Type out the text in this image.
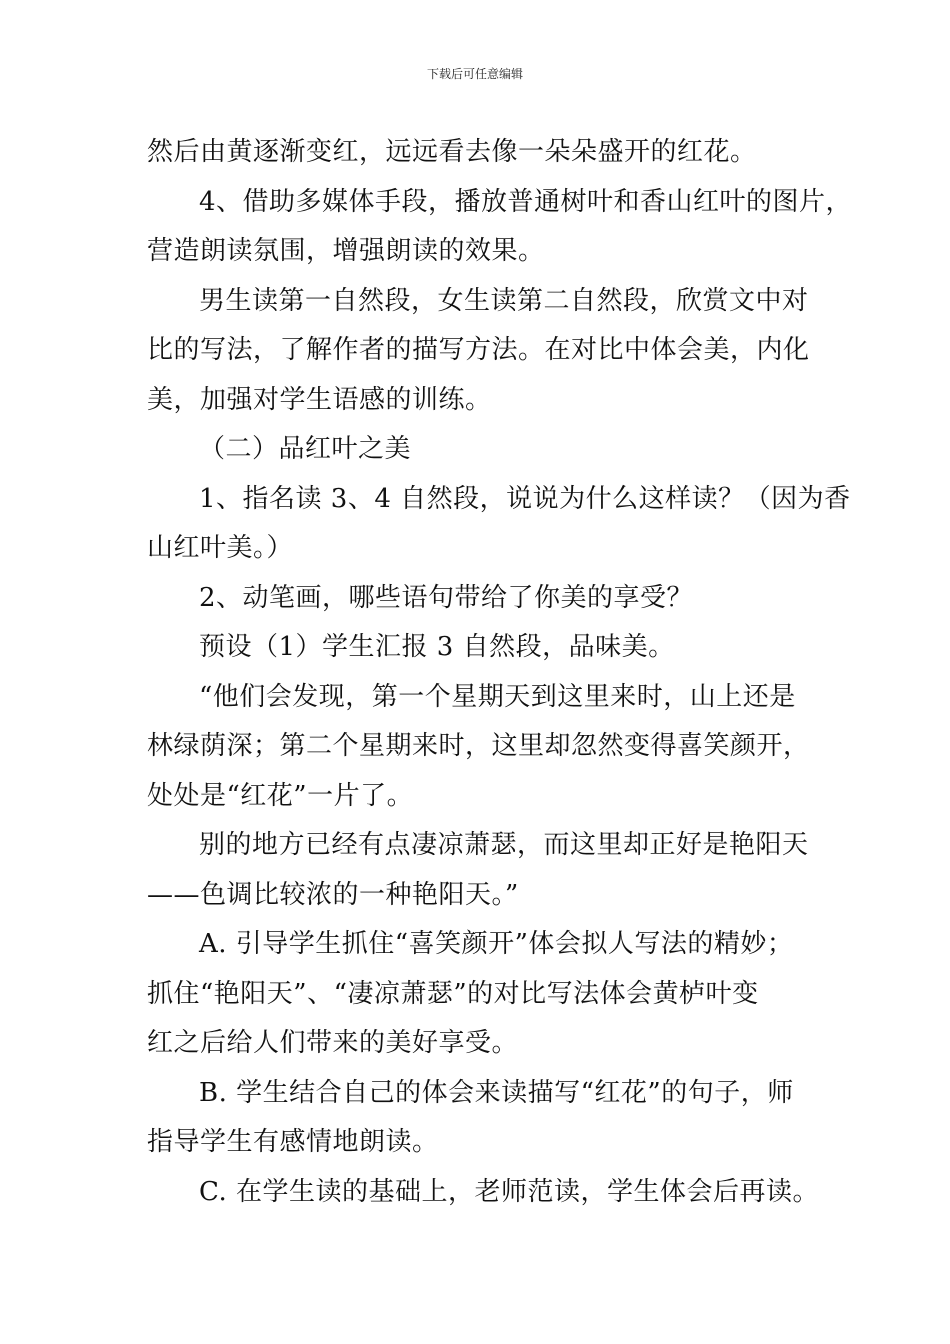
下载后可任意编辑

然后由黄逐渐变红，远远看去像一朵朵盛开的红花。

4、借助多媒体手段，播放普通树叶和香山红叶的图片，

营造朗读氛围，增强朗读的效果。

男生读第一自然段，女生读第二自然段，欣赏文中对

比的写法，了解作者的描写方法。在对比中体会美，内化

美，加强对学生语感的训练。

（二）品红叶之美

1、指名读 3、4 自然段，说说为什么这样读？（因为香

山红叶美。）

2、动笔画，哪些语句带给了你美的享受？

预设（1）学生汇报 3 自然段，品味美。

“他们会发现，第一个星期天到这里来时，山上还是

林绿荫深；第二个星期来时，这里却忽然变得喜笑颜开，

处处是“红花”一片了。

别的地方已经有点凄凉萧瑟，而这里却正好是艳阳天

——色调比较浓的一种艳阳天。”

A. 引导学生抓住“喜笑颜开”体会拟人写法的精妙；

抓住“艳阳天”、“凄凉萧瑟”的对比写法体会黄栌叶变

红之后给人们带来的美好享受。

B. 学生结合自己的体会来读描写“红花”的句子，师

指导学生有感情地朗读。

C. 在学生读的基础上，老师范读，学生体会后再读。
